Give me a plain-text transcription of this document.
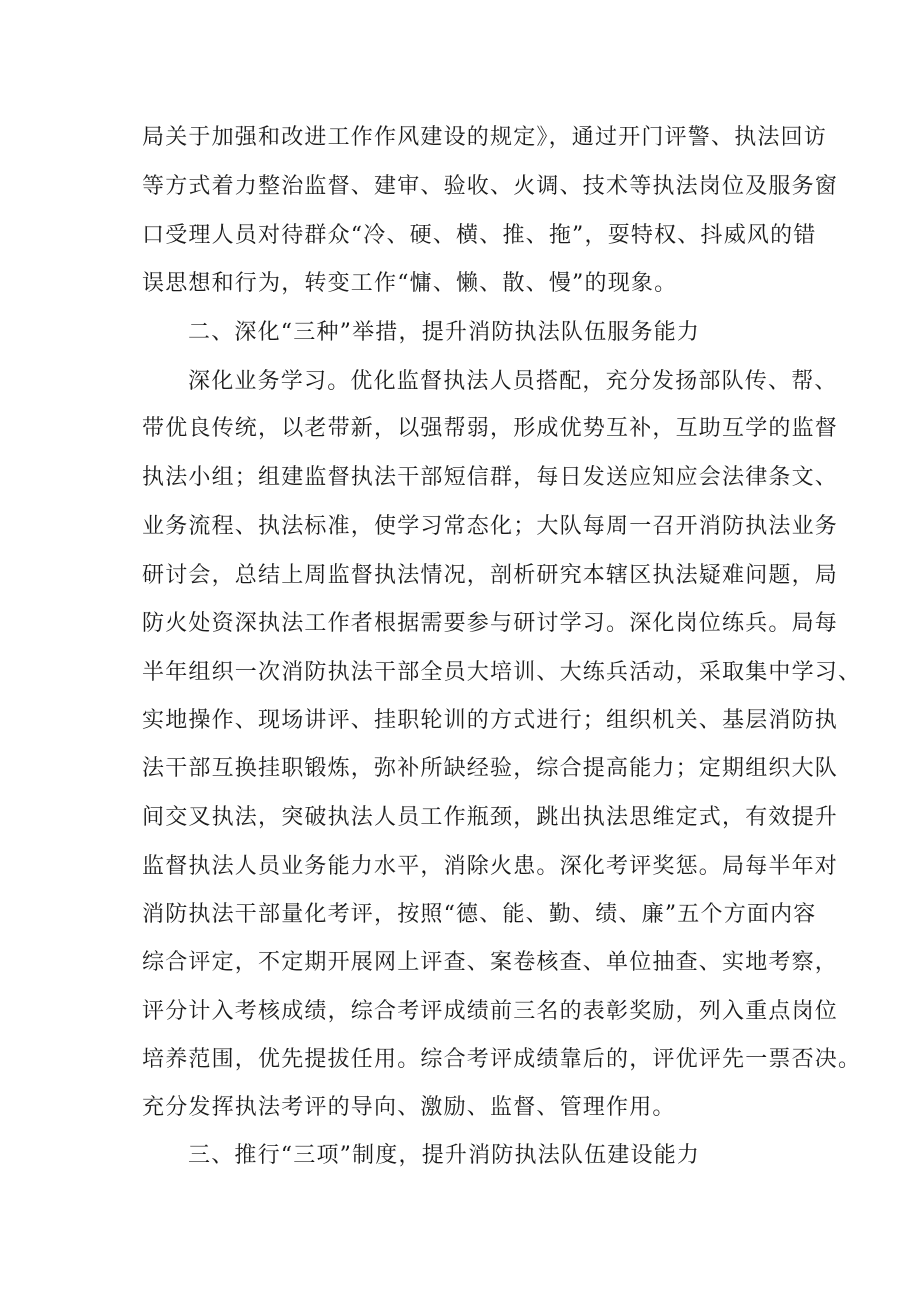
局关于加强和改进工作作风建设的规定》，通过开门评警、执法回访
等方式着力整治监督、建审、验收、火调、技术等执法岗位及服务窗
口受理人员对待群众“冷、硬、横、推、拖”，耍特权、抖威风的错
误思想和行为，转变工作“慵、懒、散、慢”的现象。
二、深化“三种”举措，提升消防执法队伍服务能力
深化业务学习。优化监督执法人员搭配，充分发扬部队传、帮、
带优良传统，以老带新，以强帮弱，形成优势互补，互助互学的监督
执法小组；组建监督执法干部短信群，每日发送应知应会法律条文、
业务流程、执法标准，使学习常态化；大队每周一召开消防执法业务
研讨会，总结上周监督执法情况，剖析研究本辖区执法疑难问题，局
防火处资深执法工作者根据需要参与研讨学习。深化岗位练兵。局每
半年组织一次消防执法干部全员大培训、大练兵活动，采取集中学习、
实地操作、现场讲评、挂职轮训的方式进行；组织机关、基层消防执
法干部互换挂职锻炼，弥补所缺经验，综合提高能力；定期组织大队
间交叉执法，突破执法人员工作瓶颈，跳出执法思维定式，有效提升
监督执法人员业务能力水平，消除火患。深化考评奖惩。局每半年对
消防执法干部量化考评，按照“德、能、勤、绩、廉”五个方面内容
综合评定，不定期开展网上评查、案卷核查、单位抽查、实地考察，
评分计入考核成绩，综合考评成绩前三名的表彰奖励，列入重点岗位
培养范围，优先提拔任用。综合考评成绩靠后的，评优评先一票否决。
充分发挥执法考评的导向、激励、监督、管理作用。
三、推行“三项”制度，提升消防执法队伍建设能力
